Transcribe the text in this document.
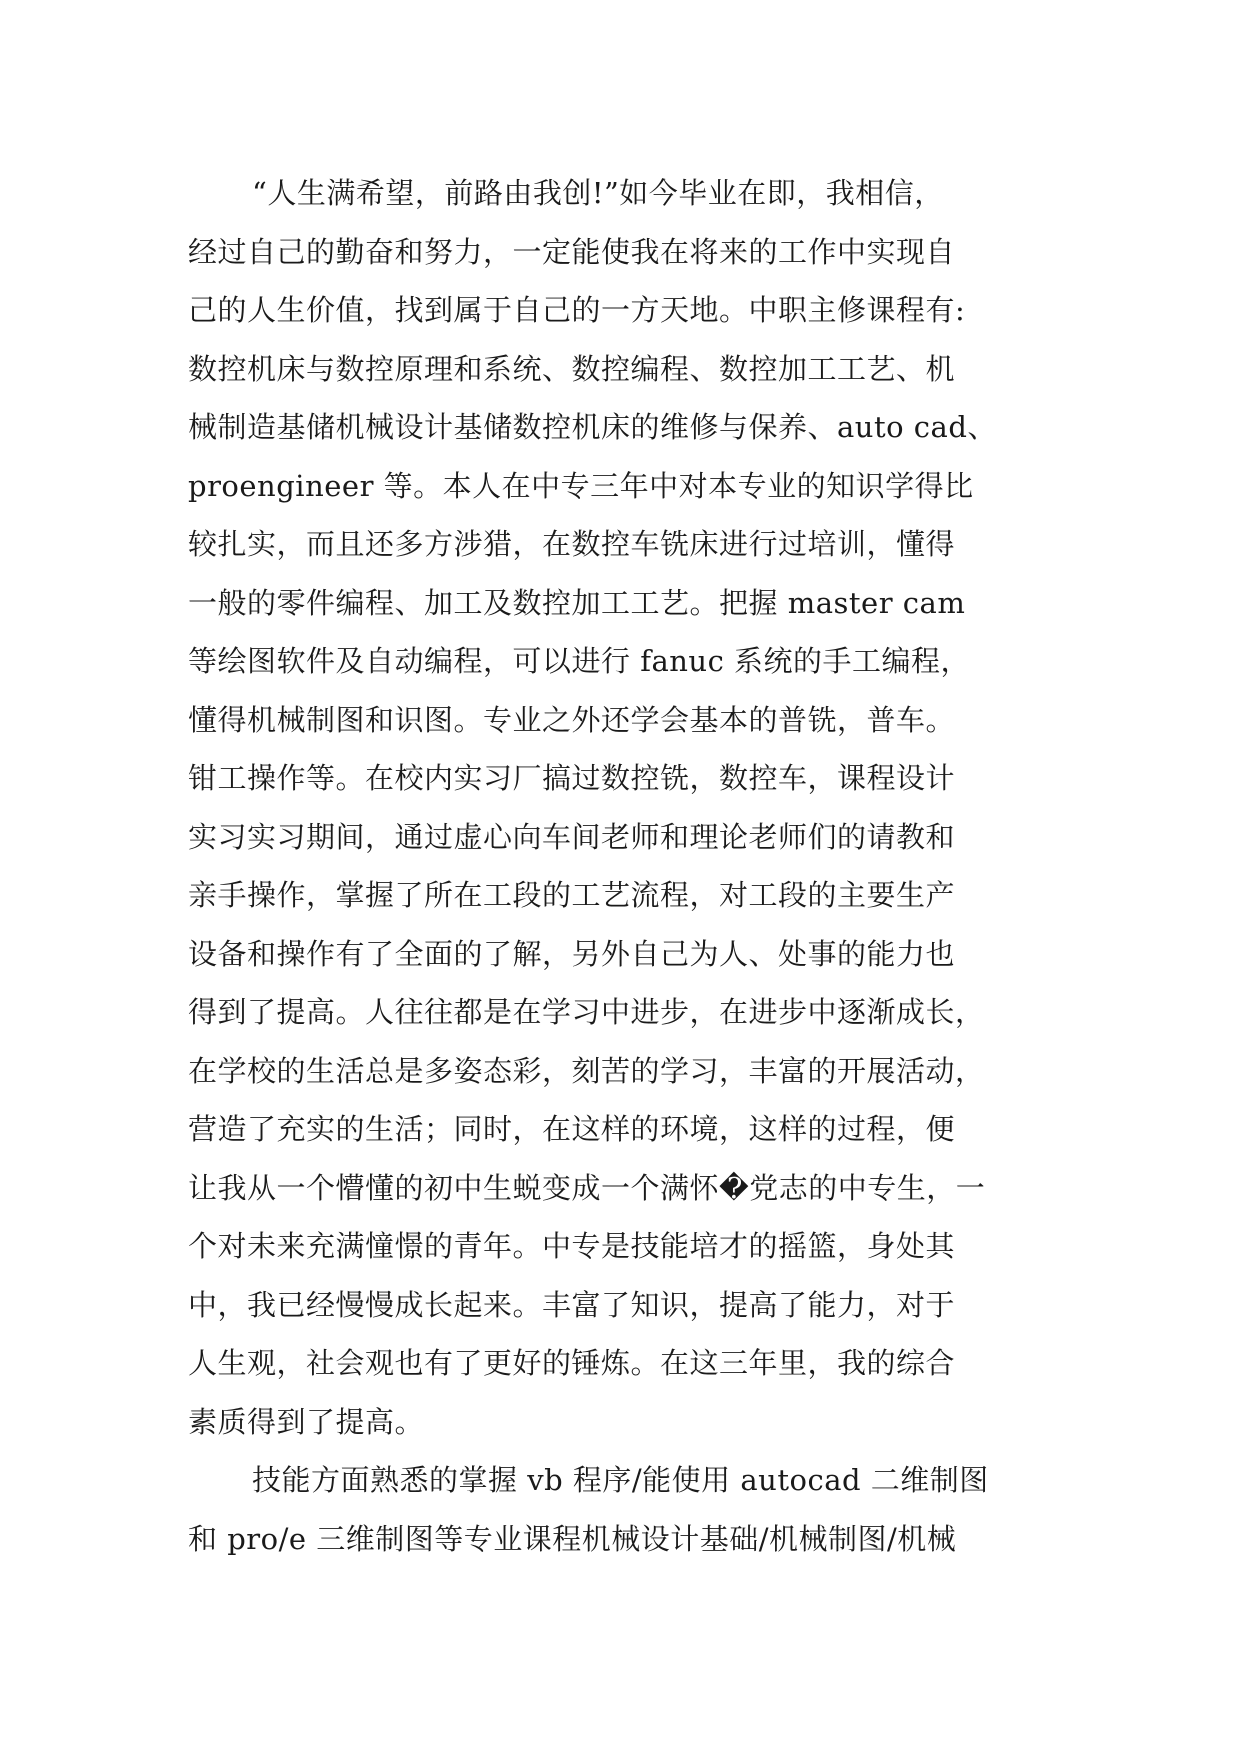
“人生满希望，前路由我创!”如今毕业在即，我相信，
经过自己的勤奋和努力，一定能使我在将来的工作中实现自
己的人生价值，找到属于自己的一方天地。中职主修课程有:
数控机床与数控原理和系统、数控编程、数控加工工艺、机
械制造基储机械设计基储数控机床的维修与保养、auto cad、
proengineer 等。本人在中专三年中对本专业的知识学得比
较扎实，而且还多方涉猎，在数控车铣床进行过培训，懂得
一般的零件编程、加工及数控加工工艺。把握 master cam
等绘图软件及自动编程，可以进行 fanuc 系统的手工编程，
懂得机械制图和识图。专业之外还学会基本的普铣，普车。
钳工操作等。在校内实习厂搞过数控铣，数控车，课程设计
实习实习期间，通过虚心向车间老师和理论老师们的请教和
亲手操作，掌握了所在工段的工艺流程，对工段的主要生产
设备和操作有了全面的了解，另外自己为人、处事的能力也
得到了提高。人往往都是在学习中进步，在进步中逐渐成长，
在学校的生活总是多姿态彩，刻苦的学习，丰富的开展活动，
营造了充实的生活；同时，在这样的环境，这样的过程，便
让我从一个懵懂的初中生蜕变成一个满怀�党志的中专生，一
个对未来充满憧憬的青年。中专是技能培才的摇篮，身处其
中，我已经慢慢成长起来。丰富了知识，提高了能力，对于
人生观，社会观也有了更好的锤炼。在这三年里，我的综合
素质得到了提高。
技能方面熟悉的掌握 vb 程序/能使用 autocad 二维制图
和 pro/e 三维制图等专业课程机械设计基础/机械制图/机械
